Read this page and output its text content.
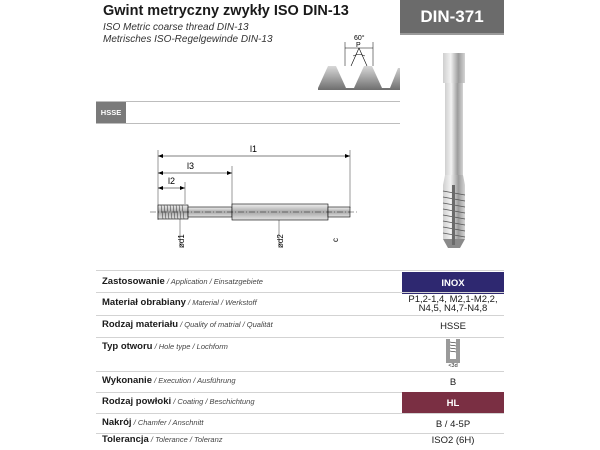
Gwint metryczny zwykły ISO DIN-13
ISO Metric coarse thread DIN-13
Metrisches ISO-Regelgewinde DIN-13
DIN-371
60°
P
HSSE
l1
l3
l2
ød1
ød2	c
Zastosowanie / Application / Einsatzgebiete	INOX
Materiał obrabiany / Material / Werkstoff	P1,2-1,4, M2,1-M2,2, N4,5, N4,7-N4,8
Rodzaj materiału / Quality of matrial / Qualität	HSSE
Typ otworu / Hole type / Lochform
<3d
Wykonanie / Execution / Ausführung	B
Rodzaj powłoki / Coating / Beschichtung	HL
Nakrój / Chamfer / Anschnitt	B / 4-5P
Tolerancja / Tolerance / Toleranz	ISO2 (6H)
